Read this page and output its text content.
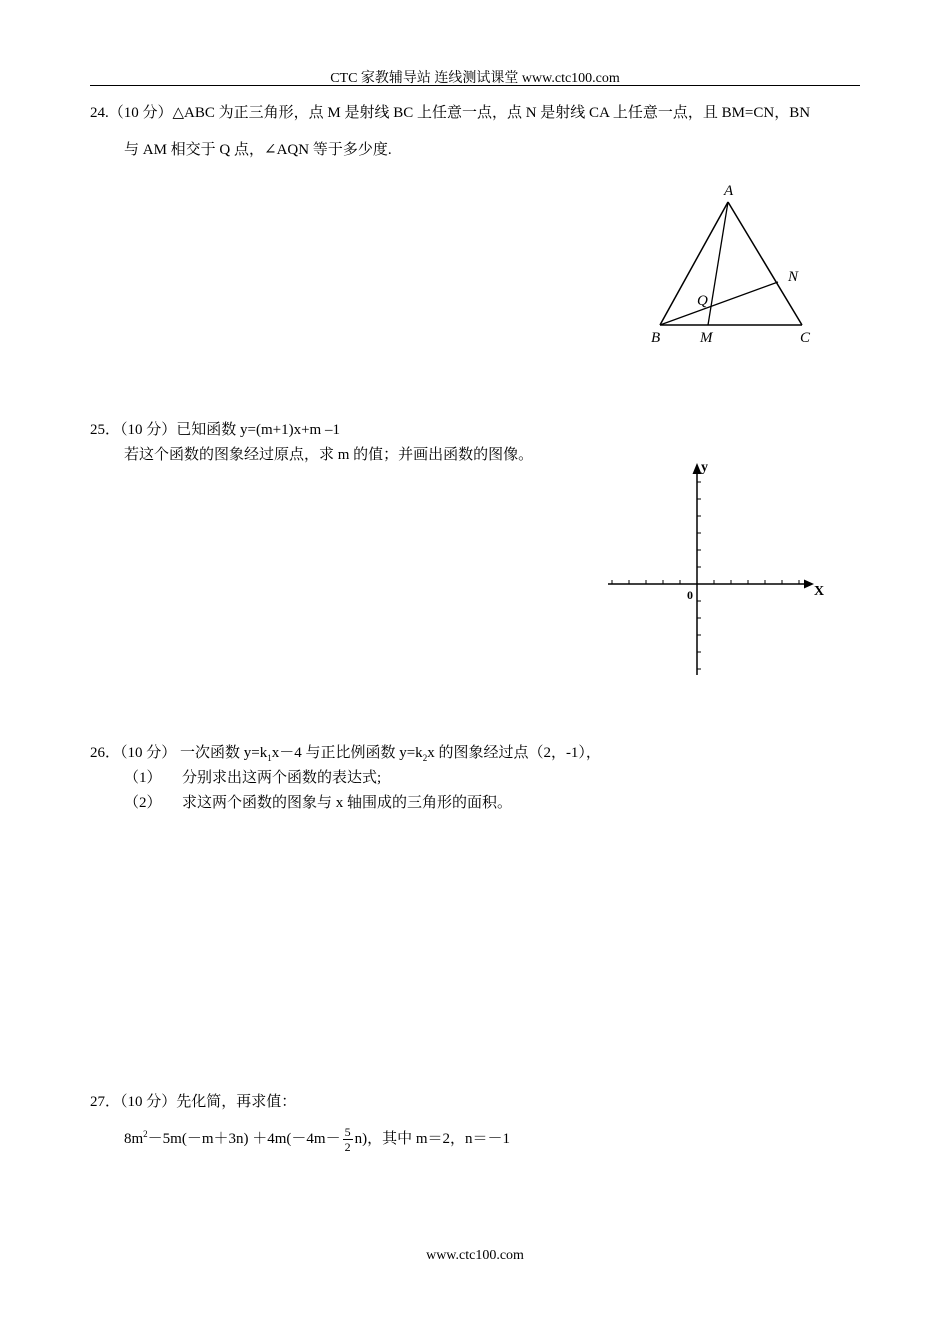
CTC 家教辅导站 连线测试课堂 www.ctc100.com
24.（10 分）△ABC 为正三角形，点 M 是射线 BC 上任意一点，点 N 是射线 CA 上任意一点，且 BM=CN，BN
与 AM 相交于 Q 点，∠AQN 等于多少度.
A
B	M	C
N
Q
25．（10 分）已知函数 y=(m+1)x+m –1
若这个函数的图象经过原点，求 m 的值；并画出函数的图像。
X
y
0
26．（10 分） 一次函数 $y=k_1x-4$ 与正比例函数 $y=k_2x$ 的图象经过点（2，-1），
（1） 分别求出这两个函数的表达式;
（2） 求这两个函数的图象与 x 轴围成的三角形的面积。
27．（10 分）先化简，再求值：
$8m^2-5m(-m+3n) +4m(-4m- \frac{5}{2} n)$，其中 m＝2，n＝－1
www.ctc100.com
